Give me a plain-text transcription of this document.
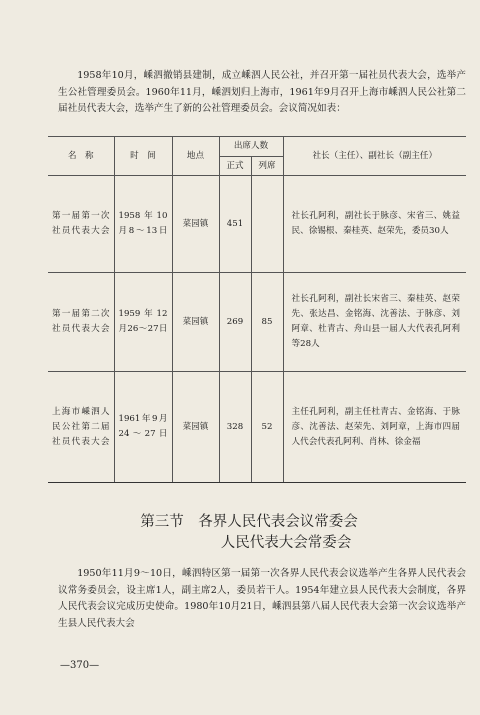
1958年10月，嵊泗撤销县建制，成立嵊泗人民公社，并召开第一届社员代表大会，选举产生公社管理委员会。1960年11月，嵊泗划归上海市，1961年9月召开上海市嵊泗人民公社第二届社员代表大会，选举产生了新的公社管理委员会。会议简况如表：

名　称	时　间	地点	出席人数		社长（主任）、副社长（副主任）
			正式	列席	
第一届第一次社员代表大会	1958年10月8～13日	菜园镇	451		社长孔阿利，副社长于脉彦、宋省三、姚益民、徐锡根、秦桂英、赵荣先，委员30人
第一届第二次社员代表大会	1959年12月26～27日	菜园镇	269	85	社长孔阿利，副社长宋省三、秦桂英、赵荣先、张达昌、金铭海、沈善法、于脉彦、刘阿章、杜青古、舟山县一届人大代表孔阿利等28人
上海市嵊泗人民公社第二届社员代表大会	1961年9月24～27日	菜园镇	328	52	主任孔阿利，副主任杜青古、金铭海、于脉彦、沈善法、赵荣先、刘阿章，上海市四届人代会代表孔阿利、肖林、徐金福
第三节　各界人民代表会议常委会
人民代表大会常委会

1950年11月9～10日，嵊泗特区第一届第一次各界人民代表会议选举产生各界人民代表会议常务委员会，设主席1人，副主席2人，委员若干人。1954年建立县人民代表大会制度，各界人民代表会议完成历史使命。1980年10月21日，嵊泗县第八届人民代表大会第一次会议选举产生县人民代表大会

—370—
